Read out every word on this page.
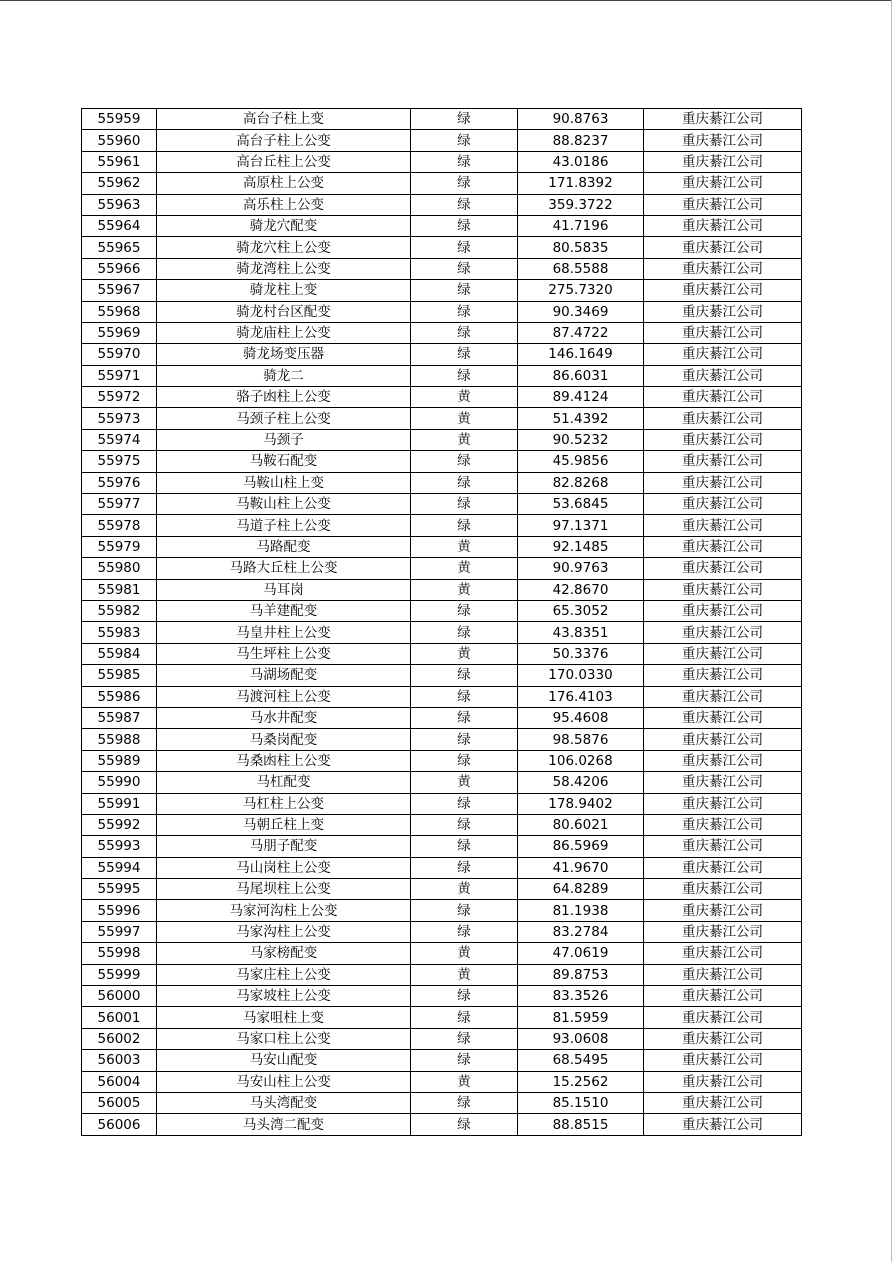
55959	高台子柱上变	绿	90.8763	重庆綦江公司
55960	高台子柱上公变	绿	88.8237	重庆綦江公司
55961	高台丘柱上公变	绿	43.0186	重庆綦江公司
55962	高原柱上公变	绿	171.8392	重庆綦江公司
55963	高乐柱上公变	绿	359.3722	重庆綦江公司
55964	骑龙穴配变	绿	41.7196	重庆綦江公司
55965	骑龙穴柱上公变	绿	80.5835	重庆綦江公司
55966	骑龙湾柱上公变	绿	68.5588	重庆綦江公司
55967	骑龙柱上变	绿	275.7320	重庆綦江公司
55968	骑龙村台区配变	绿	90.3469	重庆綦江公司
55969	骑龙庙柱上公变	绿	87.4722	重庆綦江公司
55970	骑龙场变压器	绿	146.1649	重庆綦江公司
55971	骑龙二	绿	86.6031	重庆綦江公司
55972	骆子凼柱上公变	黄	89.4124	重庆綦江公司
55973	马颈子柱上公变	黄	51.4392	重庆綦江公司
55974	马颈子	黄	90.5232	重庆綦江公司
55975	马鞍石配变	绿	45.9856	重庆綦江公司
55976	马鞍山柱上变	绿	82.8268	重庆綦江公司
55977	马鞍山柱上公变	绿	53.6845	重庆綦江公司
55978	马道子柱上公变	绿	97.1371	重庆綦江公司
55979	马路配变	黄	92.1485	重庆綦江公司
55980	马路大丘柱上公变	黄	90.9763	重庆綦江公司
55981	马耳岗	黄	42.8670	重庆綦江公司
55982	马羊建配变	绿	65.3052	重庆綦江公司
55983	马皇井柱上公变	绿	43.8351	重庆綦江公司
55984	马生坪柱上公变	黄	50.3376	重庆綦江公司
55985	马湖场配变	绿	170.0330	重庆綦江公司
55986	马渡河柱上公变	绿	176.4103	重庆綦江公司
55987	马水井配变	绿	95.4608	重庆綦江公司
55988	马桑岗配变	绿	98.5876	重庆綦江公司
55989	马桑凼柱上公变	绿	106.0268	重庆綦江公司
55990	马杠配变	黄	58.4206	重庆綦江公司
55991	马杠柱上公变	绿	178.9402	重庆綦江公司
55992	马朝丘柱上变	绿	80.6021	重庆綦江公司
55993	马朋子配变	绿	86.5969	重庆綦江公司
55994	马山岗柱上公变	绿	41.9670	重庆綦江公司
55995	马尾坝柱上公变	黄	64.8289	重庆綦江公司
55996	马家河沟柱上公变	绿	81.1938	重庆綦江公司
55997	马家沟柱上公变	绿	83.2784	重庆綦江公司
55998	马家榜配变	黄	47.0619	重庆綦江公司
55999	马家庄柱上公变	黄	89.8753	重庆綦江公司
56000	马家坡柱上公变	绿	83.3526	重庆綦江公司
56001	马家咀柱上变	绿	81.5959	重庆綦江公司
56002	马家口柱上公变	绿	93.0608	重庆綦江公司
56003	马安山配变	绿	68.5495	重庆綦江公司
56004	马安山柱上公变	黄	15.2562	重庆綦江公司
56005	马头湾配变	绿	85.1510	重庆綦江公司
56006	马头湾二配变	绿	88.8515	重庆綦江公司
